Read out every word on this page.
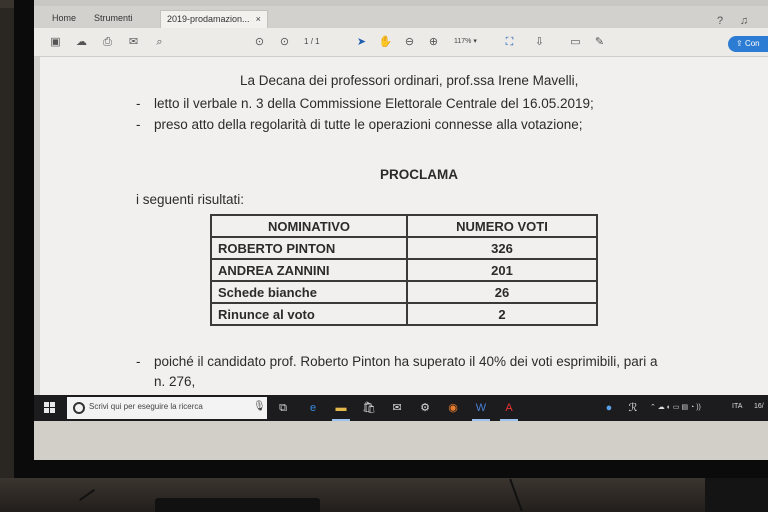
Home	Strumenti	2019-prodamazion... ×	? ♫
▣ ☁ ⎙ ✉	⌕	⊙ ⊙	1 / 1	➤ ✋ ⊖ ⊕	117% ▾	⛶	⇩ ▭ ✎	⇪ Con
La Decana dei professori ordinari, prof.ssa Irene Mavelli,
- letto il verbale n. 3 della Commissione Elettorale Centrale del 16.05.2019;
- preso atto della regolarità di tutte le operazioni connesse alla votazione;
PROCLAMA
i seguenti risultati:
NOMINATIVO	NUMERO VOTI
ROBERTO PINTON	326
ANDREA ZANNINI	201
Schede bianche	26
Rinunce al voto	2
- poiché il candidato prof. Roberto Pinton ha superato il 40% dei voti esprimibili, pari a
n. 276,
Scrivi qui per eseguire la ricerca	🎙 ⧉	e	▬ 🛍 ✉ ⚙ ◉ W	A	●	ℛ	⌃ ☁ ◐ ▭ ▤ ◔ ))	ITA 16/
